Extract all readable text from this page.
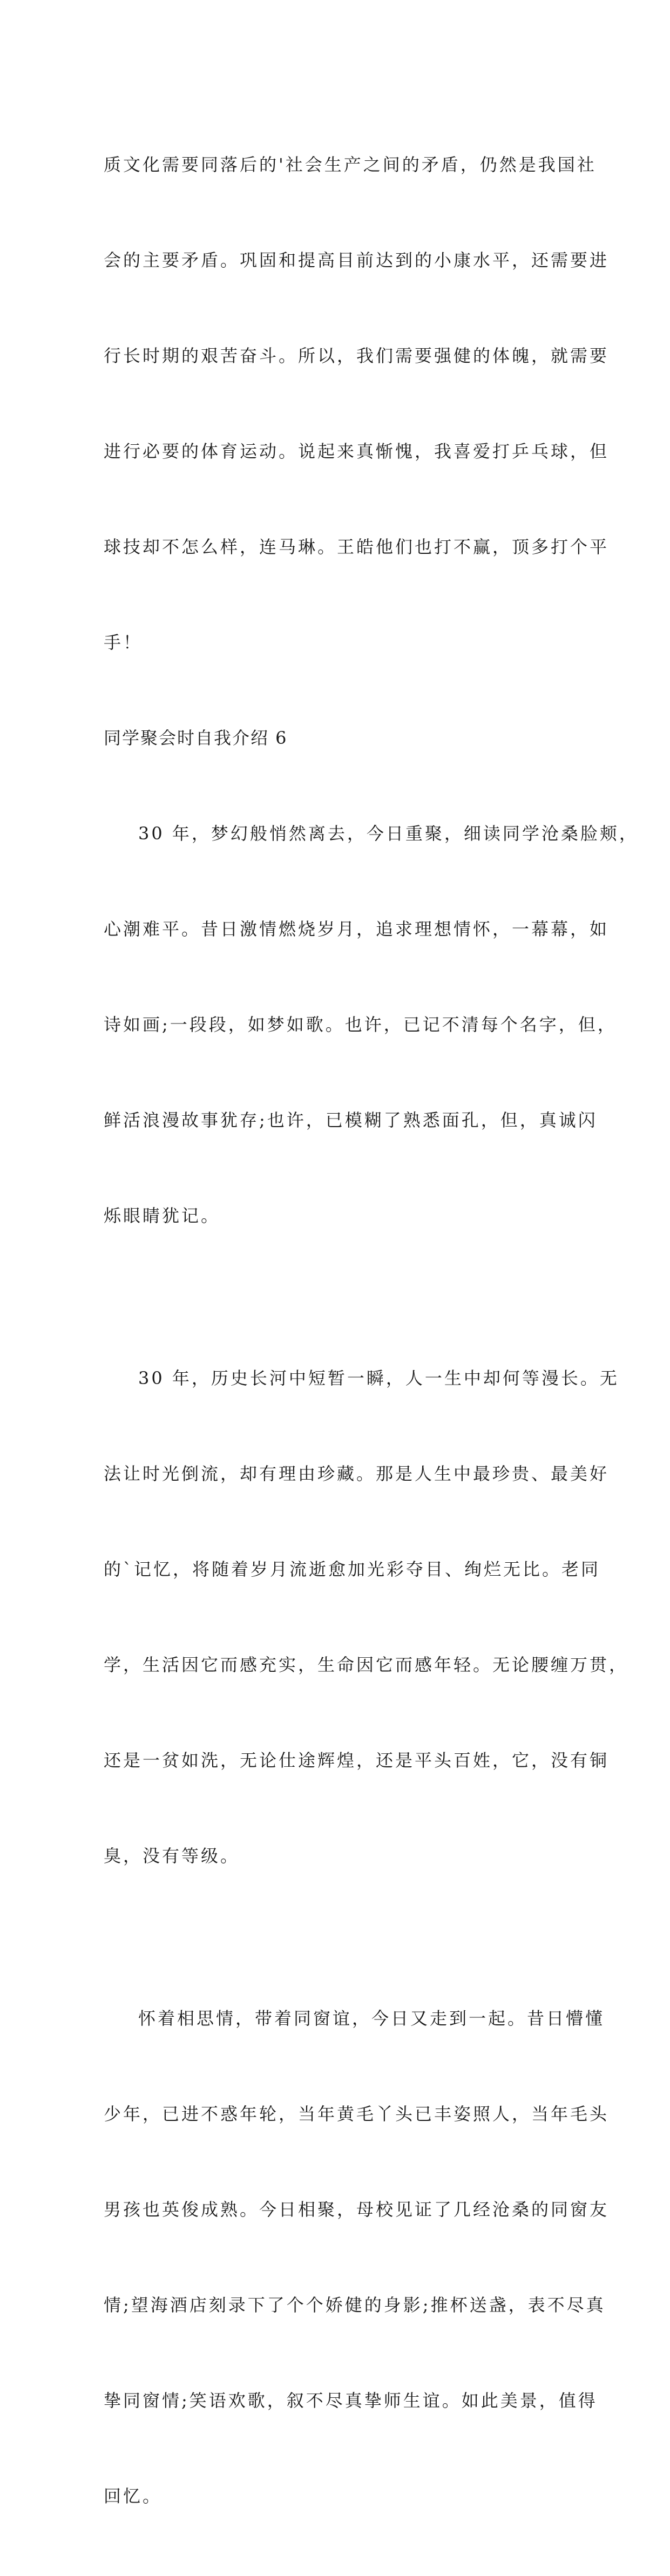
质文化需要同落后的'社会生产之间的矛盾，仍然是我国社

会的主要矛盾。巩固和提高目前达到的小康水平，还需要进

行长时期的艰苦奋斗。所以，我们需要强健的体魄，就需要

进行必要的体育运动。说起来真惭愧，我喜爱打乒乓球，但

球技却不怎么样，连马琳。王皓他们也打不赢，顶多打个平

手！

同学聚会时自我介绍 6

30 年，梦幻般悄然离去，今日重聚，细读同学沧桑脸颊，

心潮难平。昔日激情燃烧岁月，追求理想情怀，一幕幕，如

诗如画;一段段，如梦如歌。也许，已记不清每个名字，但，

鲜活浪漫故事犹存;也许，已模糊了熟悉面孔，但，真诚闪

烁眼睛犹记。

30 年，历史长河中短暂一瞬，人一生中却何等漫长。无

法让时光倒流，却有理由珍藏。那是人生中最珍贵、最美好

的`记忆，将随着岁月流逝愈加光彩夺目、绚烂无比。老同

学，生活因它而感充实，生命因它而感年轻。无论腰缠万贯，

还是一贫如洗，无论仕途辉煌，还是平头百姓，它，没有铜

臭，没有等级。

怀着相思情，带着同窗谊，今日又走到一起。昔日懵懂

少年，已进不惑年轮，当年黄毛丫头已丰姿照人，当年毛头

男孩也英俊成熟。今日相聚，母校见证了几经沧桑的同窗友

情;望海酒店刻录下了个个娇健的身影;推杯送盏，表不尽真

挚同窗情;笑语欢歌，叙不尽真挚师生谊。如此美景，值得

回忆。
